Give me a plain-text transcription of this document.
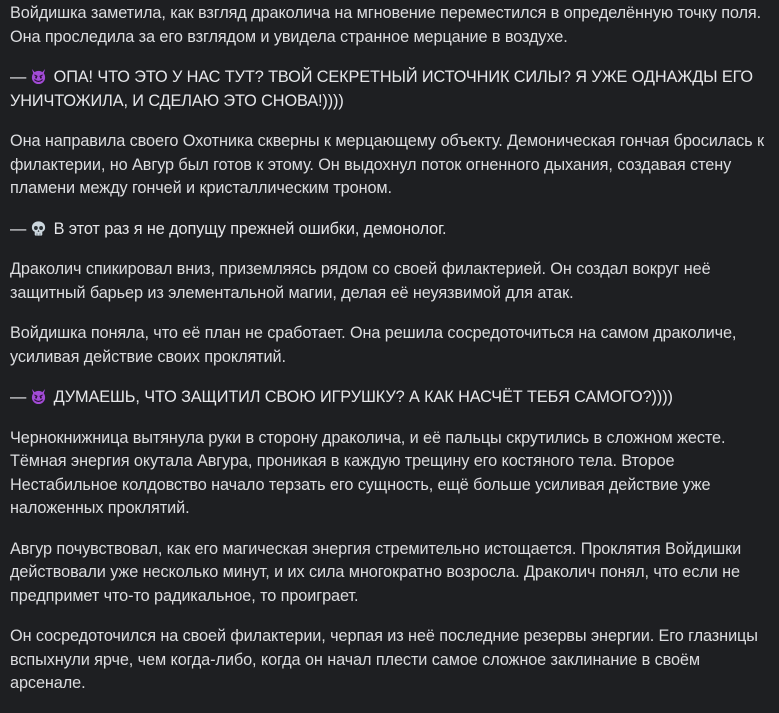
Войдишка заметила, как взгляд драколича на мгновение переместился в определённую точку поля. Она проследила за его взглядом и увидела странное мерцание в воздухе.

— ОПА! ЧТО ЭТО У НАС ТУТ? ТВОЙ СЕКРЕТНЫЙ ИСТОЧНИК СИЛЫ? Я УЖЕ ОДНАЖДЫ ЕГО УНИЧТОЖИЛА, И СДЕЛАЮ ЭТО СНОВА!))))

Она направила своего Охотника скверны к мерцающему объекту. Демоническая гончая бросилась к филактерии, но Авгур был готов к этому. Он выдохнул поток огненного дыхания, создавая стену пламени между гончей и кристаллическим троном.

— В этот раз я не допущу прежней ошибки, демонолог.

Драколич спикировал вниз, приземляясь рядом со своей филактерией. Он создал вокруг неё защитный барьер из элементальной магии, делая её неуязвимой для атак.

Войдишка поняла, что её план не сработает. Она решила сосредоточиться на самом драколиче, усиливая действие своих проклятий.

— ДУМАЕШЬ, ЧТО ЗАЩИТИЛ СВОЮ ИГРУШКУ? А КАК НАСЧЁТ ТЕБЯ САМОГО?))))

Чернокнижница вытянула руки в сторону драколича, и её пальцы скрутились в сложном жесте. Тёмная энергия окутала Авгура, проникая в каждую трещину его костяного тела. Второе Нестабильное колдовство начало терзать его сущность, ещё больше усиливая действие уже наложенных проклятий.

Авгур почувствовал, как его магическая энергия стремительно истощается. Проклятия Войдишки действовали уже несколько минут, и их сила многократно возросла. Драколич понял, что если не предпримет что-то радикальное, то проиграет.

Он сосредоточился на своей филактерии, черпая из неё последние резервы энергии. Его глазницы вспыхнули ярче, чем когда-либо, когда он начал плести самое сложное заклинание в своём арсенале.
